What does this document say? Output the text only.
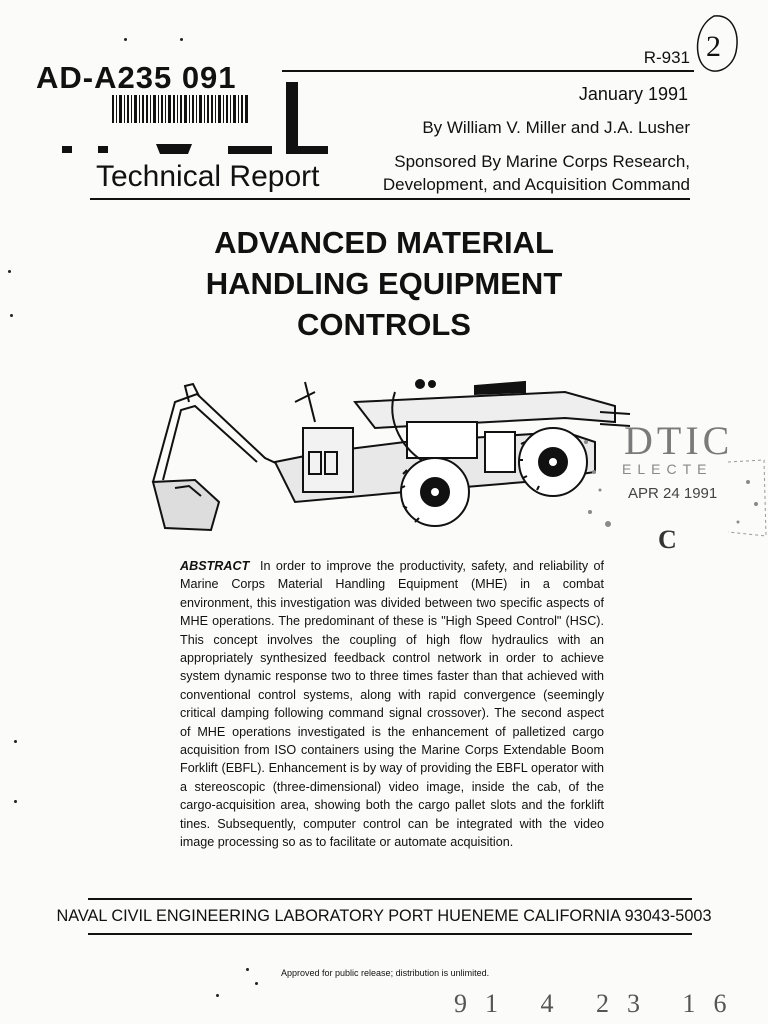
AD-A235 091
Technical Report
R-931 2
January 1991
By William V. Miller and J.A. Lusher
Sponsored By Marine Corps Research, Development, and Acquisition Command
ADVANCED MATERIAL
HANDLING EQUIPMENT
CONTROLS
DTIC
ELECTE
APR 24 1991
C
ABSTRACT In order to improve the productivity, safety, and reliability of Marine Corps Material Handling Equipment (MHE) in a combat environment, this investigation was divided between two specific aspects of MHE operations. The predominant of these is "High Speed Control" (HSC). This concept involves the coupling of high flow hydraulics with an appropriately synthesized feedback control network in order to achieve system dynamic response two to three times faster than that achieved with conventional control systems, along with rapid convergence (seemingly critical damping following command signal crossover). The second aspect of MHE operations investigated is the enhancement of palletized cargo acquisition from ISO containers using the Marine Corps Extendable Boom Forklift (EBFL). Enhancement is by way of providing the EBFL operator with a stereoscopic (three-dimensional) video image, inside the cab, of the cargo-acquisition area, showing both the cargo pallet slots and the forklift tines. Subsequently, computer control can be integrated with the video image processing so as to facilitate or automate acquisition.
NAVAL CIVIL ENGINEERING LABORATORY PORT HUENEME CALIFORNIA 93043-5003
Approved for public release; distribution is unlimited.
91 4 23 16
